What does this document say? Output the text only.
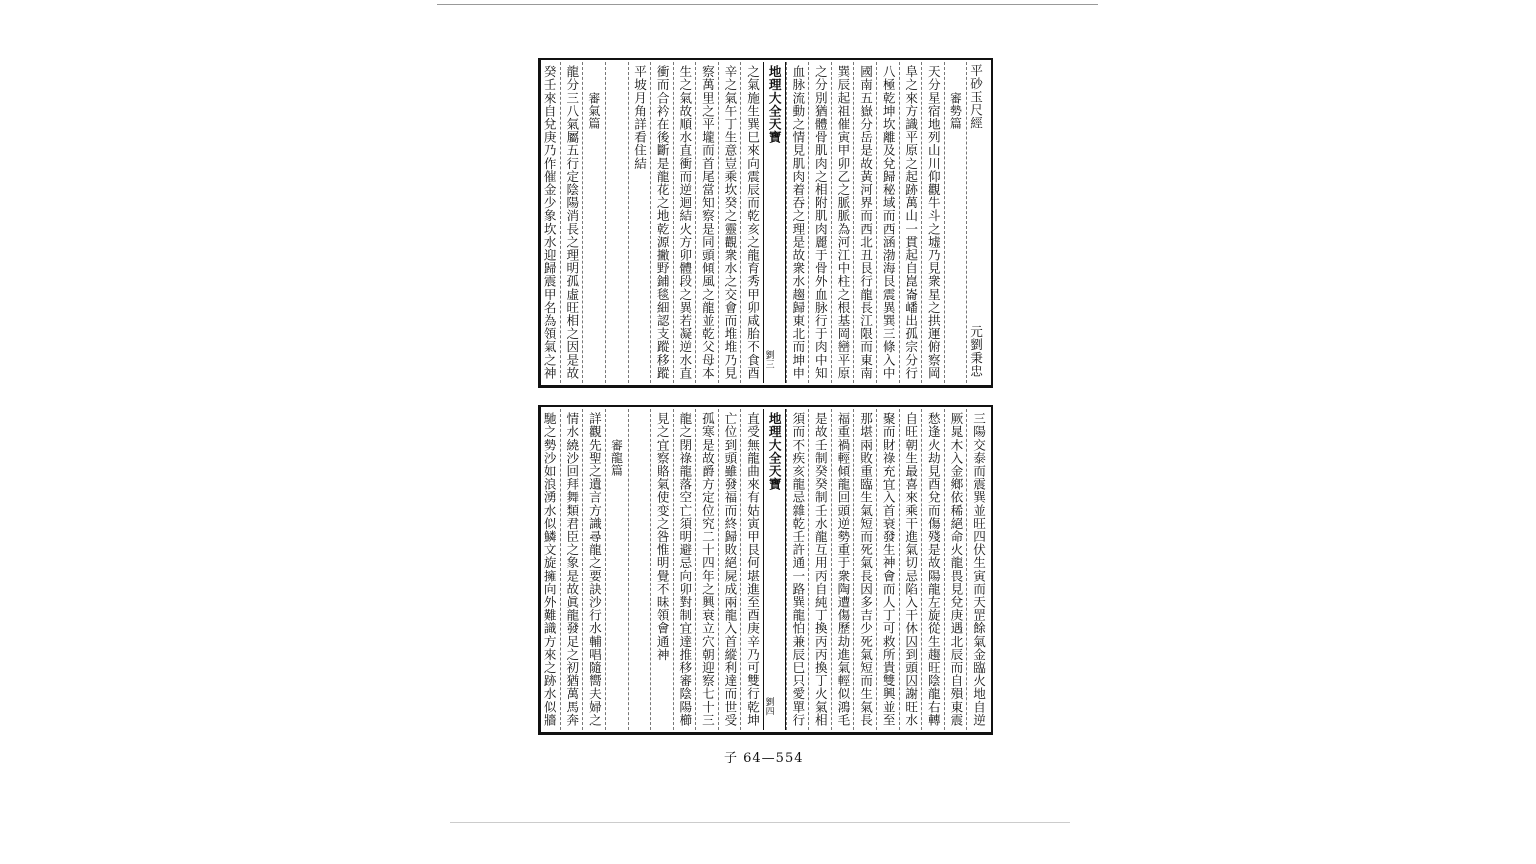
平砂玉尺經
元劉秉忠
審勢篇
天分星宿地列山川仰觀牛斗之墟乃見衆星之拱運俯察岡
阜之來方識平原之起跡萬山一貫起自崑崙嶓出孤宗分行
八極乾坤坎離及兌歸秘域而西涵渤海艮震異巽三條入中
國南五嶽分岳是故黃河界而西北丑艮行龍長江限而東南
巽辰起祖催寅甲卯乙之脈脈為河江中柱之根基岡巒平原
之分別猶體骨肌肉之相附肌肉麗于骨外血脉行于肉中知
血脉流動之情見肌肉着吞之理是故衆水趨歸東北而坤申
地理大全天寶
劉三
之氣施生巽巳來向震辰而乾亥之龍育秀甲卯咸胎不食酉
辛之氣午丁生意豈乘坎癸之靈觀衆水之交會而堆堆乃見
察萬里之平壠而首尾當知察是同頭傾風之龍並乾父母本
生之氣故順水直衝而逆迴結火方卯體段之異若凝逆水直
衝而合衿在後斷是龍花之地乾源撇野鋪毯細認支蹤移蹤
平坡月角詳看住結
審氣篇
龍分三八氣屬五行定陰陽消長之理明孤虛旺相之因是故
癸壬來自兌庚乃作催金少象坎水迎歸震甲名為領氣之神
三陽交泰而震巽並旺四伏生寅而天罡餘氣金臨火地自逆
厥晁木入金鄉依稀絕命火龍畏見兌庚遇北辰而自殞東震
愁逢火劫見酉兌而傷殘是故陽龍左旋從生趨旺陰龍右轉
自旺朝生最喜來乘干進氣切忌陷入干休囚到頭囚謝旺水
聚而財祿充宜入首衰發生神會而人丁可救所貴雙興並至
那堪兩敗重臨生氣短而死氣長因多吉少死氣短而生氣長
福重禍輕傾龍回頭逆勢重于衆陶遭傷歷劫進氣輕似鴻毛
是故壬制癸癸制壬水龍互用丙自純丁換丙丙換丁火氣相
須而不疾亥龍忌雜乾壬許通一路巽龍怕兼辰巳只愛單行
地理大全天寶
劉四
直受無龍曲來有姑寅甲艮何堪進至酉庚辛乃可雙行乾坤
亡位到頭雖發福而終歸敗絕屍成兩龍入首縱利達而世受
孤寒是故爵方定位究二十四年之興衰立穴朝迎察七十三
龍之閉祿龍落空亡須明避忌向卯對制宜達推移審陰陽櫛
見之宜察賂氣使变之咎惟明覺不昧領會通神
審龍篇
詳觀先聖之遺言方識尋龍之要訣沙行水輔唱隨嚮夫婦之
情水繞沙回拜舞類君臣之象是故眞龍發足之初猶萬馬奔
馳之勢沙如浪湧水似鱗文旋擁向外難識方來之跡水似牆
子 64—554
